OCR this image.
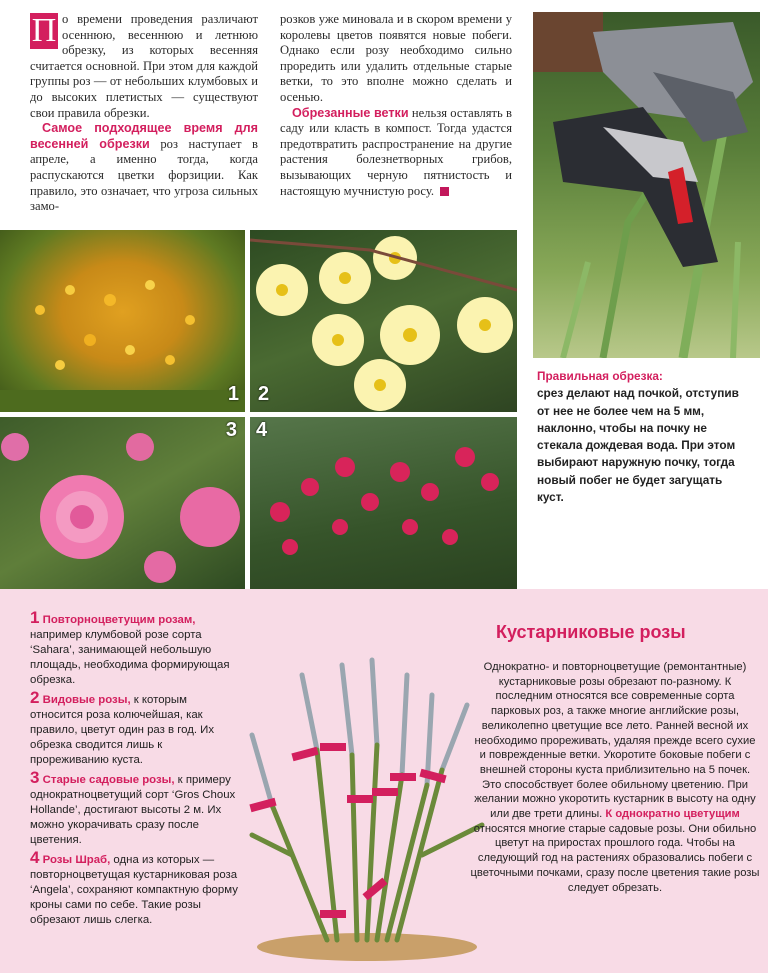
П о времени проведения различают осеннюю, весеннюю и летнюю обрезку, из которых весенняя считается основной. При этом для каждой группы роз — от небольших клумбовых и до высоких плетистых — существуют свои правила обрезки.
Самое подходящее время для весенней обрезки роз наступает в апреле, а именно тогда, когда распускаются цветки форзиции. Как правило, это означает, что угроза сильных замо-
розков уже миновала и в скором времени у королевы цветов появятся новые побеги. Однако если розу необходимо сильно проредить или удалить отдельные старые ветки, то это вполне можно сделать и осенью.
Обрезанные ветки нельзя оставлять в саду или класть в компост. Тогда удастся предотвратить распространение на другие растения болезнетворных грибов, вызывающих черную пятнистость и настоящую мучнистую росу.
1 2
3 4
Правильная обрезка:
срез делают над почкой, отступив от нее не более чем на 5 мм, наклонно, чтобы на почку не стекала дождевая вода. При этом выбирают наружную почку, тогда новый побег не будет загущать куст.

1 Повторноцветущим розам, например клумбовой розе сорта ‘Sahara’, занимающей небольшую площадь, необходима формирующая обрезка.

2 Видовые розы, к которым относится роза колючейшая, как правило, цветут один раз в год. Их обрезка сводится лишь к прореживанию куста.

3 Старые садовые розы, к примеру однократноцветущий сорт ‘Gros Choux Hollande’, достигают высоты 2 м. Их можно укорачивать сразу после цветения.

4 Розы Шраб, одна из которых — повторноцветущая кустарниковая роза ‘Angela’, сохраняют компактную форму кроны сами по себе. Такие розы обрезают лишь слегка.

Кустарниковые розы
Однократно- и повторноцветущие (ремонтантные) кустарниковые розы обрезают по-разному. К последним относятся все современные сорта парковых роз, а также многие английские розы, великолепно цветущие все лето. Ранней весной их необходимо прореживать, удаляя прежде всего сухие и поврежденные ветки. Укоротите боковые побеги с внешней стороны куста приблизительно на 5 почек. Это способствует более обильному цветению. При желании можно укоротить кустарник в высоту на одну или две трети длины. К однократно цветущим относятся многие старые садовые розы. Они обильно цветут на приростах прошлого года. Чтобы на следующий год на растениях образовались побеги с цветочными почками, сразу после цветения такие розы следует обрезать.
